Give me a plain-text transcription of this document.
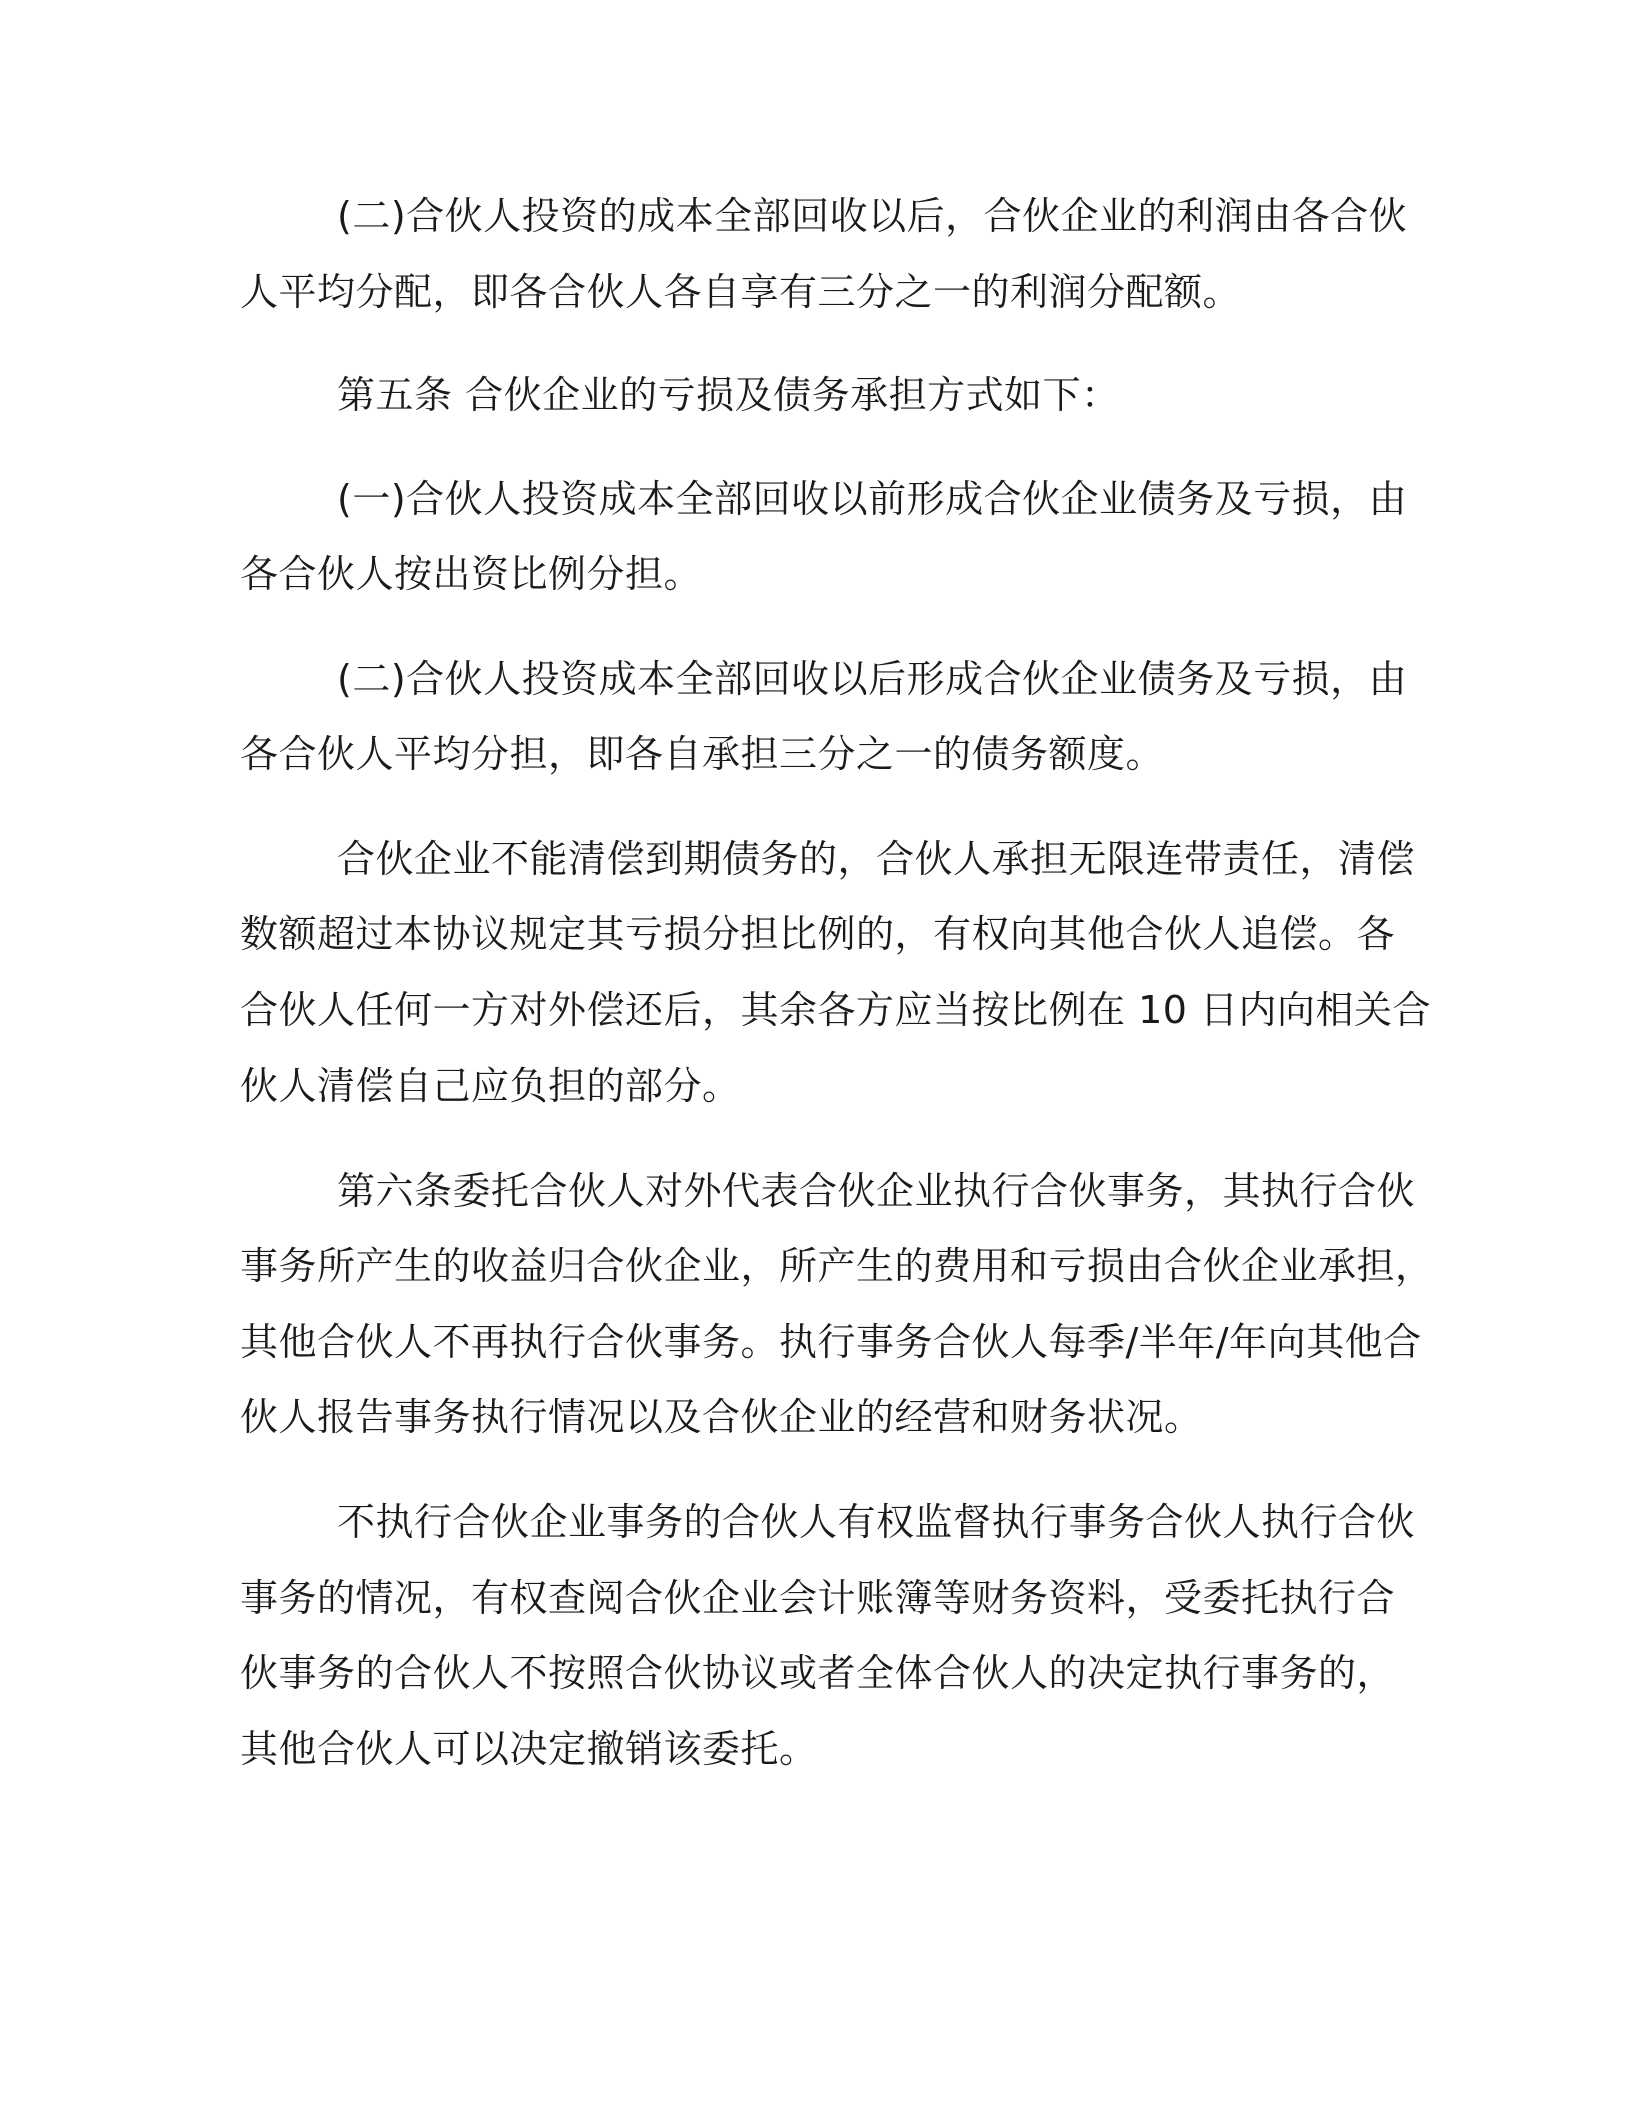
(二)合伙人投资的成本全部回收以后，合伙企业的利润由各合伙
人平均分配，即各合伙人各自享有三分之一的利润分配额。
第五条 合伙企业的亏损及债务承担方式如下：
(一)合伙人投资成本全部回收以前形成合伙企业债务及亏损，由
各合伙人按出资比例分担。
(二)合伙人投资成本全部回收以后形成合伙企业债务及亏损，由
各合伙人平均分担，即各自承担三分之一的债务额度。
合伙企业不能清偿到期债务的，合伙人承担无限连带责任，清偿
数额超过本协议规定其亏损分担比例的，有权向其他合伙人追偿。各
合伙人任何一方对外偿还后，其余各方应当按比例在 10 日内向相关合
伙人清偿自己应负担的部分。
第六条委托合伙人对外代表合伙企业执行合伙事务，其执行合伙
事务所产生的收益归合伙企业，所产生的费用和亏损由合伙企业承担，
其他合伙人不再执行合伙事务。执行事务合伙人每季/半年/年向其他合
伙人报告事务执行情况以及合伙企业的经营和财务状况。
不执行合伙企业事务的合伙人有权监督执行事务合伙人执行合伙
事务的情况，有权查阅合伙企业会计账簿等财务资料，受委托执行合
伙事务的合伙人不按照合伙协议或者全体合伙人的决定执行事务的，
其他合伙人可以决定撤销该委托。
